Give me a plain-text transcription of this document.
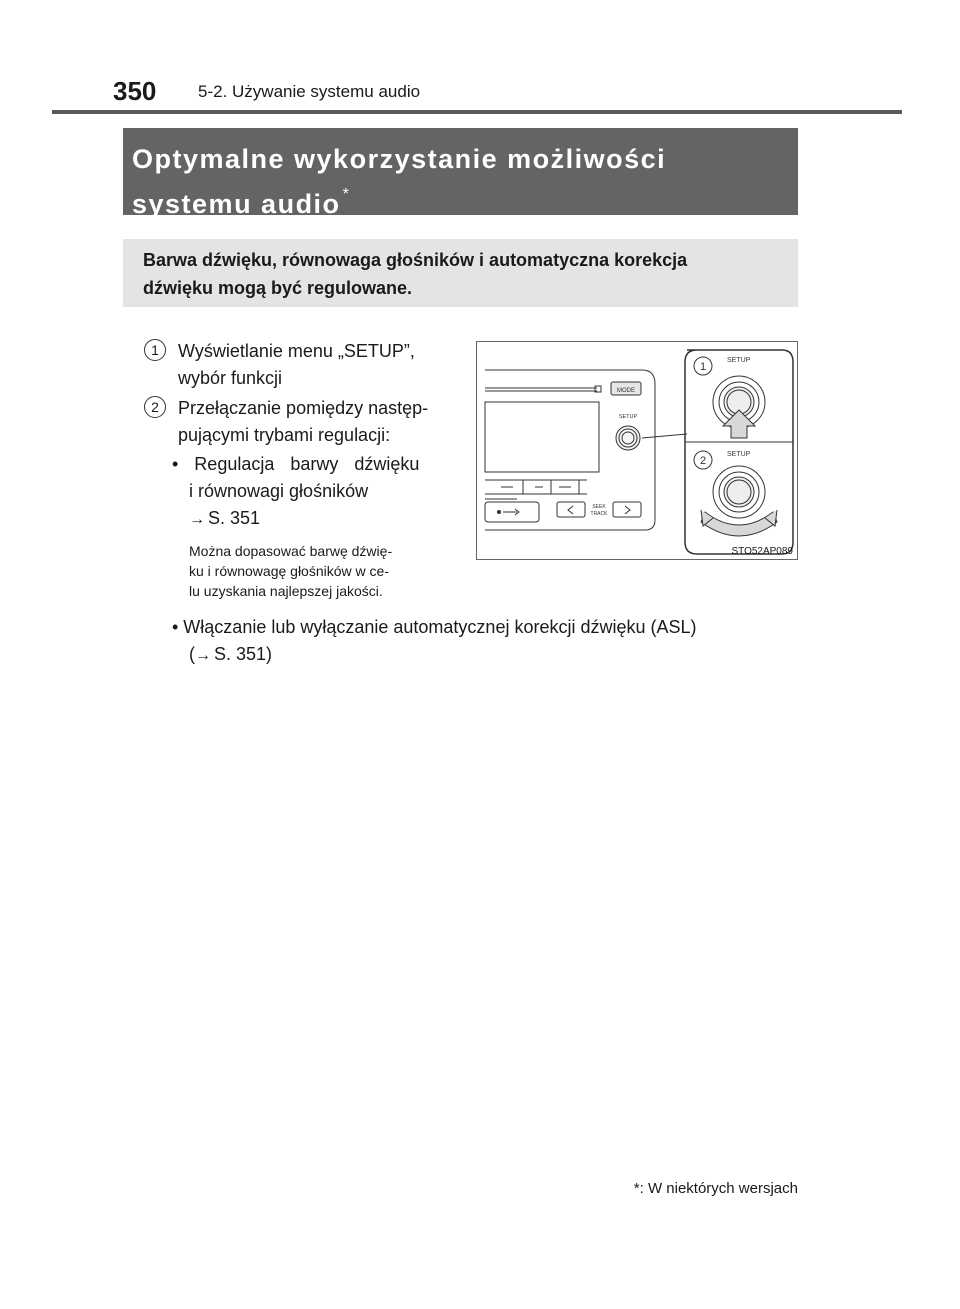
350 5-2. Używanie systemu audio
Optymalne wykorzystanie możliwości
systemu audio *
Barwa dźwięku, równowaga głośników i automatyczna korekcja
dźwięku mogą być regulowane.
1	Wyświetlanie menu „SETUP”,
wybór funkcji
2	Przełączanie pomiędzy następ-
pującymi trybami regulacji:
• Regulacja barwy dźwięku
i równowagi głośników
→ S. 351
Można dopasować barwę dźwię-
ku i równowagę głośników w ce-
lu uzyskania najlepszej jakości.
• Włączanie lub wyłączanie automatycznej korekcji dźwięku (ASL)
(→ S. 351)
MODE
SETUP
SEEK
TRACK
SETUP
SETUP
1
2
STO52AP089
*: W niektórych wersjach
